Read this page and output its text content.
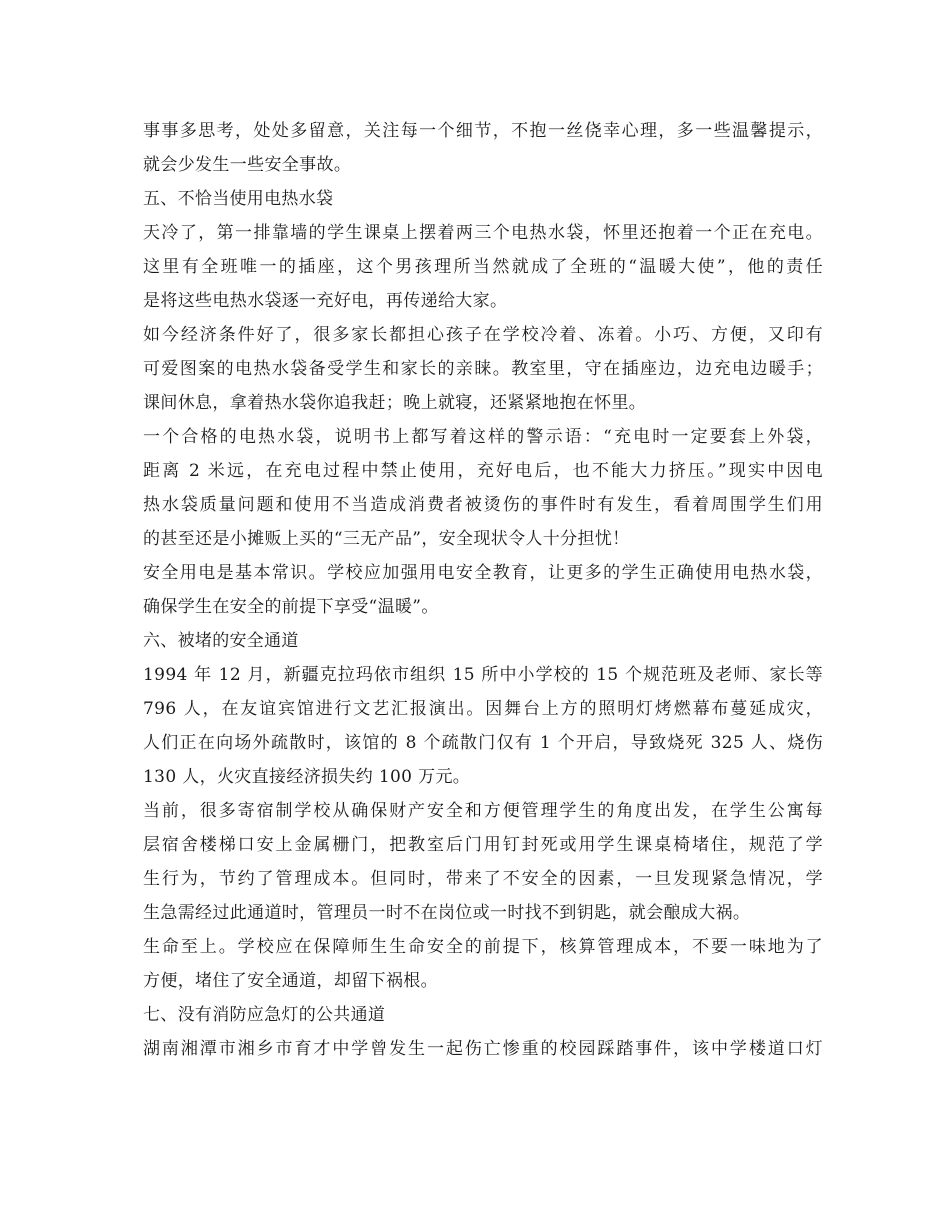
事事多思考，处处多留意，关注每一个细节，不抱一丝侥幸心理，多一些温馨提示，
就会少发生一些安全事故。
五、不恰当使用电热水袋
天冷了，第一排靠墙的学生课桌上摆着两三个电热水袋，怀里还抱着一个正在充电。
这里有全班唯一的插座，这个男孩理所当然就成了全班的“温暖大使”，他的责任
是将这些电热水袋逐一充好电，再传递给大家。
如今经济条件好了，很多家长都担心孩子在学校冷着、冻着。小巧、方便，又印有
可爱图案的电热水袋备受学生和家长的亲睐。教室里，守在插座边，边充电边暖手；
课间休息，拿着热水袋你追我赶；晚上就寝，还紧紧地抱在怀里。
一个合格的电热水袋，说明书上都写着这样的警示语：“充电时一定要套上外袋，
距离 2 米远，在充电过程中禁止使用，充好电后，也不能大力挤压。”现实中因电
热水袋质量问题和使用不当造成消费者被烫伤的事件时有发生，看着周围学生们用
的甚至还是小摊贩上买的“三无产品”，安全现状令人十分担忧！
安全用电是基本常识。学校应加强用电安全教育，让更多的学生正确使用电热水袋，
确保学生在安全的前提下享受“温暖”。
六、被堵的安全通道
1994 年 12 月，新疆克拉玛依市组织 15 所中小学校的 15 个规范班及老师、家长等
796 人，在友谊宾馆进行文艺汇报演出。因舞台上方的照明灯烤燃幕布蔓延成灾，
人们正在向场外疏散时，该馆的 8 个疏散门仅有 1 个开启，导致烧死 325 人、烧伤
130 人，火灾直接经济损失约 100 万元。
当前，很多寄宿制学校从确保财产安全和方便管理学生的角度出发，在学生公寓每
层宿舍楼梯口安上金属栅门，把教室后门用钉封死或用学生课桌椅堵住，规范了学
生行为，节约了管理成本。但同时，带来了不安全的因素，一旦发现紧急情况，学
生急需经过此通道时，管理员一时不在岗位或一时找不到钥匙，就会酿成大祸。
生命至上。学校应在保障师生生命安全的前提下，核算管理成本，不要一味地为了
方便，堵住了安全通道，却留下祸根。
七、没有消防应急灯的公共通道
湖南湘潭市湘乡市育才中学曾发生一起伤亡惨重的校园踩踏事件，该中学楼道口灯
